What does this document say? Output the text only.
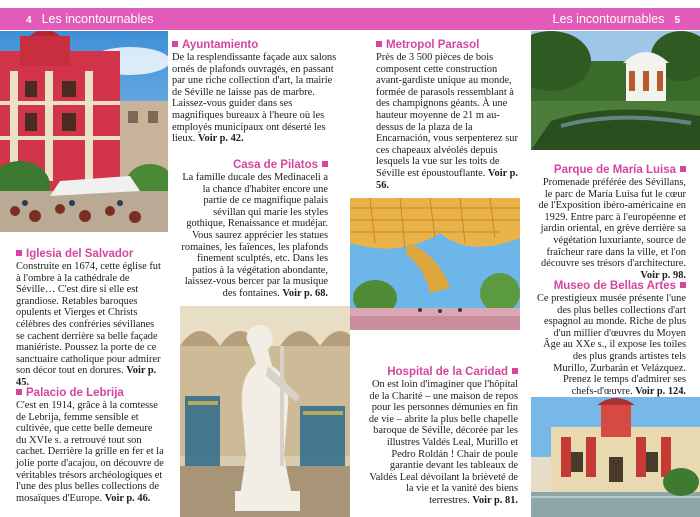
4 Les incontournables
Iglesia del Salvador

Construite en 1674, cette église fut à l'ombre à la cathédrale de Séville… C'est dire si elle est grandiose. Retables baroques opulents et Vierges et Christs célèbres des confréries sévillanes se cachent derrière sa belle façade maniériste. Poussez la porte de ce sanctuaire catholique pour admirer son décor tout en dorures. Voir p. 45.

Palacio de Lebrija

C'est en 1914, grâce à la comtesse de Lebrija, femme sensible et cultivée, que cette belle demeure du XVIe s. a retrouvé tout son cachet. Derrière la grille en fer et la jolie porte d'acajou, on découvre de véritables trésors archéologiques et l'une des plus belles collections de mosaïques d'Europe. Voir p. 46.

Ayuntamiento

De la resplendissante façade aux salons ornés de plafonds ouvragés, en passant par une riche collection d'art, la mairie de Séville ne laisse pas de marbre. Laissez-vous guider dans ses magnifiques bureaux à l'heure où les employés municipaux ont déserté les lieux. Voir p. 42.

Casa de Pilatos

La famille ducale des Medinaceli a la chance d'habiter encore une partie de ce magnifique palais sévillan qui marie les styles gothique, Renaissance et mudéjar. Vous saurez apprécier les statues romaines, les faïences, les plafonds finement sculptés, etc. Dans les patios à la végétation abondante, laissez-vous bercer par la musique des fontaines. Voir p. 68.

Les incontournables 5
Metropol Parasol

Près de 3 500 pièces de bois composent cette construction avant-gardiste unique au monde, formée de parasols ressemblant à des champignons géants. À une hauteur moyenne de 21 m au-dessus de la plaza de la Encarnación, vous serpenterez sur ces chapeaux alvéolés depuis lesquels la vue sur les toits de Séville est époustouflante. Voir p. 56.

Hospital de la Caridad

On est loin d'imaginer que l'hôpital de la Charité – une maison de repos pour les personnes démunies en fin de vie – abrite la plus belle chapelle baroque de Séville, décorée par les illustres Valdés Leal, Murillo et Pedro Roldán ! Chair de poule garantie devant les tableaux de Valdés Leal dévoilant la brièveté de la vie et la vanité des biens terrestres. Voir p. 81.

Parque de María Luisa

Promenade préférée des Sévillans, le parc de María Luisa fut le cœur de l'Exposition ibéro-américaine en 1929. Entre parc à l'européenne et jardin oriental, en grève derrière sa végétation luxuriante, source de fraîcheur rare dans la ville, et l'on découvre ses trésors d'architecture. Voir p. 98.

Museo de Bellas Artes

Ce prestigieux musée présente l'une des plus belles collections d'art espagnol au monde. Riche de plus d'un millier d'œuvres du Moyen Âge au XXe s., il expose les toiles des plus grands artistes tels Murillo, Zurbarán et Velázquez. Prenez le temps d'admirer ses chefs-d'œuvre. Voir p. 124.
